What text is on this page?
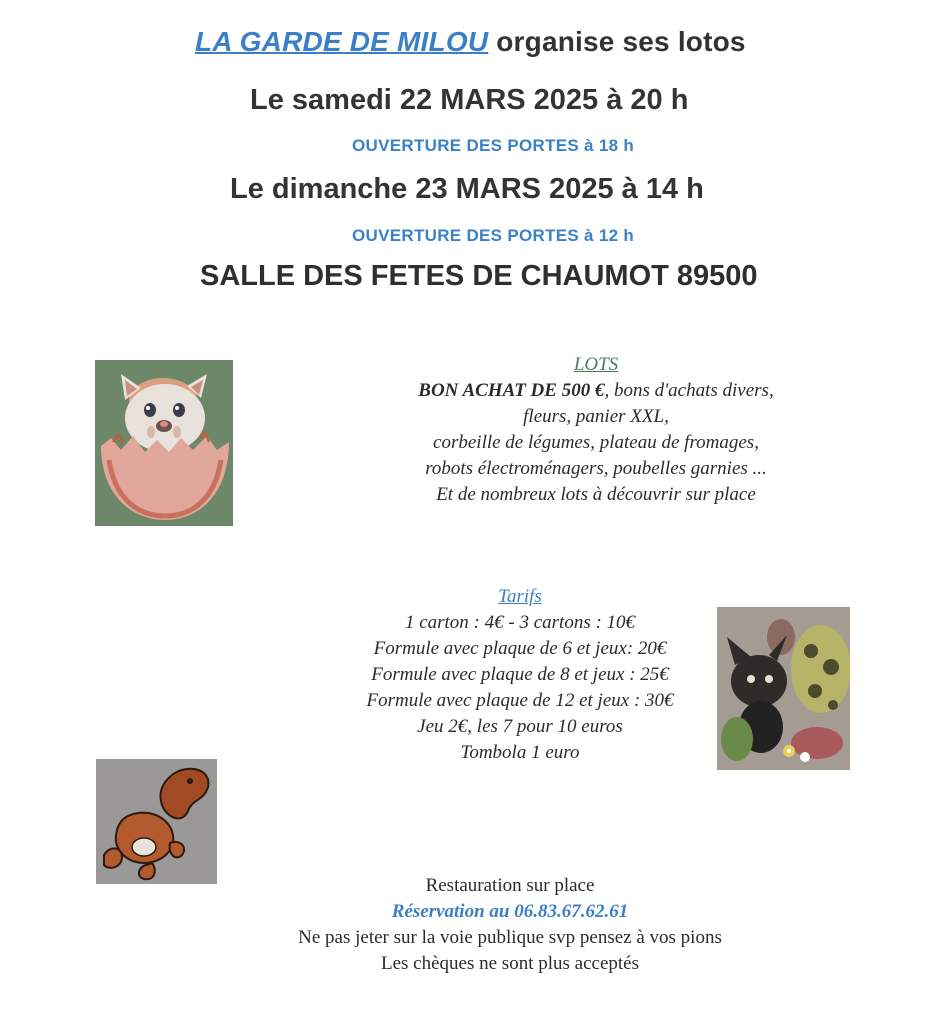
LA GARDE DE MILOU organise ses lotos
Le samedi 22 MARS 2025 à 20 h
OUVERTURE DES PORTES à 18 h
Le dimanche 23 MARS 2025 à 14 h
OUVERTURE DES PORTES à 12 h
SALLE DES FETES DE CHAUMOT 89500
LOTS
BON ACHAT DE 500 €, bons d'achats divers,
fleurs, panier XXL,
corbeille de légumes, plateau de fromages,
robots électroménagers, poubelles garnies ...
Et de nombreux lots à découvrir sur place
Tarifs
1 carton : 4€ - 3 cartons : 10€
Formule avec plaque de 6 et jeux: 20€
Formule avec plaque de 8 et jeux : 25€
Formule avec plaque de 12 et jeux : 30€
Jeu 2€, les 7 pour 10 euros
Tombola 1 euro
Restauration sur place
Réservation au 06.83.67.62.61
Ne pas jeter sur la voie publique svp pensez à vos pions
Les chèques ne sont plus acceptés
